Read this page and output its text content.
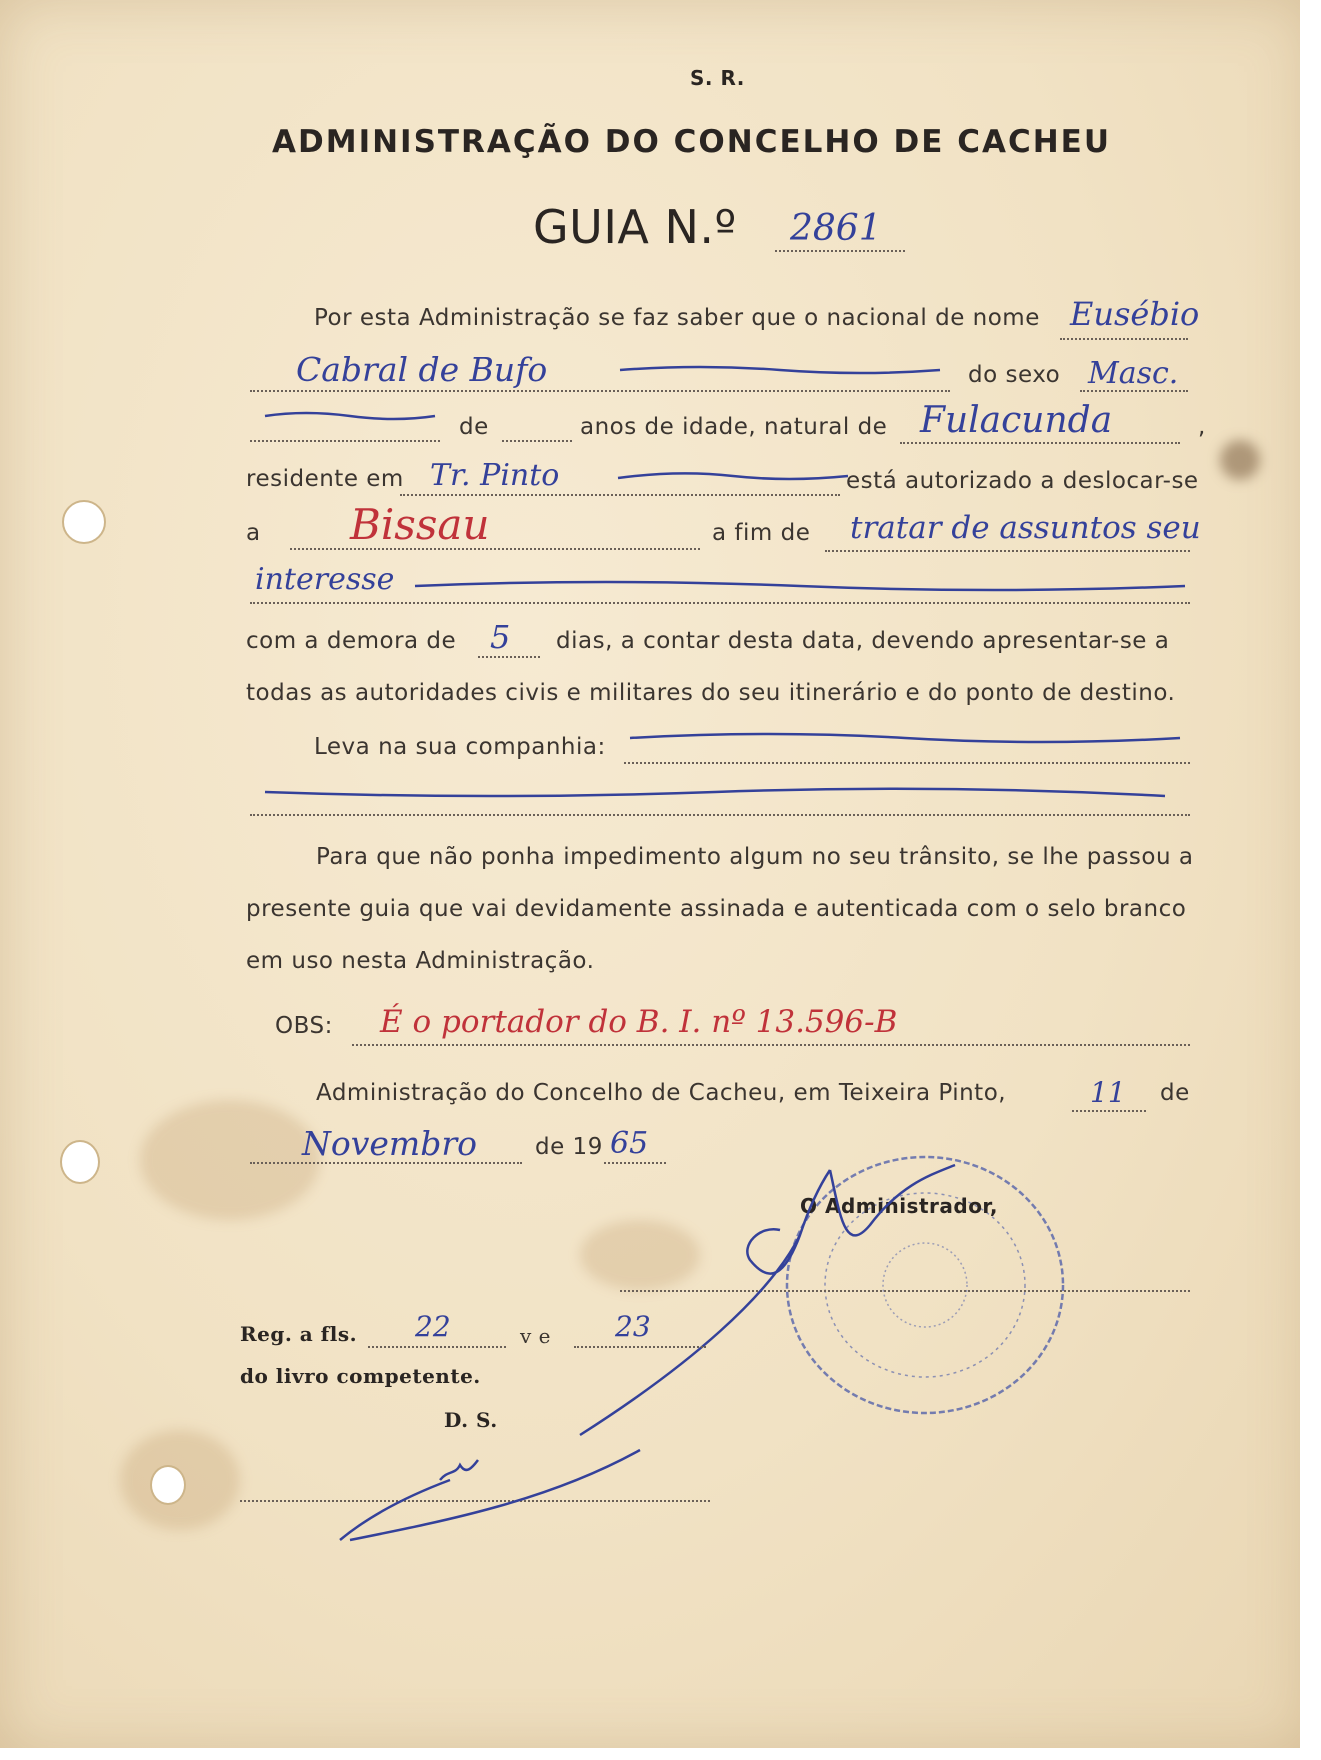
S. R.
ADMINISTRAÇÃO DO CONCELHO DE CACHEU
GUIA N.º 2861
Por esta Administração se faz saber que o nacional de nome Eusébio
Cabral de Bufo	do sexo Masc.
de	anos de idade, natural de Fulacunda	,
residente em Tr. Pinto	está autorizado a deslocar-se
a Bissau	a fim de tratar de assuntos seu
interesse
com a demora de 5 dias, a contar desta data, devendo apresentar-se a
todas as autoridades civis e militares do seu itinerário e do ponto de destino.
Leva na sua companhia:
Para que não ponha impedimento algum no seu trânsito, se lhe passou a
presente guia que vai devidamente assinada e autenticada com o selo branco
em uso nesta Administração.
OBS: É o portador do B. I. nº 13.596-B
Administração do Concelho de Cacheu, em Teixeira Pinto,	11 de
Novembro	de 19 65
O Administrador,
Reg. a fls. 22	v e 23
do livro competente.
D. S.
